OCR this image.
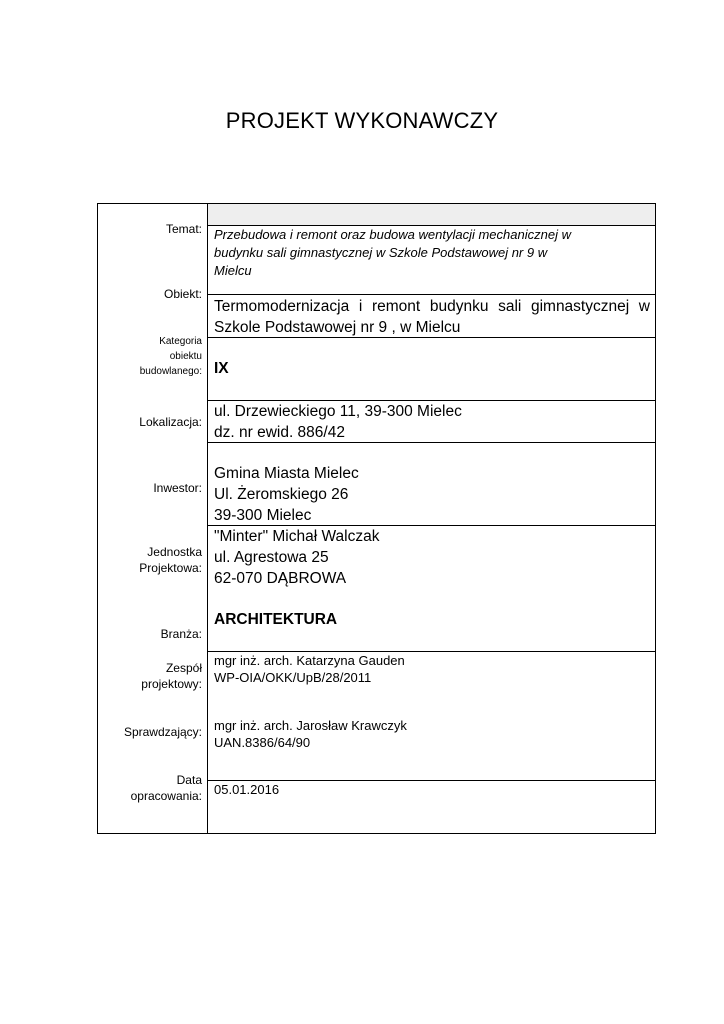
PROJEKT WYKONAWCZY
Temat:
Obiekt:
Kategoria
obiektu
budowlanego:
Lokalizacja:
Inwestor:
Jednostka
Projektowa:
Branża:
Zespół
projektowy:
Sprawdzający:
Data
opracowania:
Przebudowa i remont oraz budowa wentylacji mechanicznej w
budynku sali gimnastycznej w Szkole Podstawowej nr 9 w
Mielcu
Termomodernizacja i remont budynku sali gimnastycznej w Szkole Podstawowej nr 9 , w Mielcu
IX
ul. Drzewieckiego 11, 39-300 Mielec
dz. nr ewid. 886/42
Gmina Miasta Mielec
Ul. Żeromskiego 26
39-300 Mielec
"Minter" Michał Walczak
ul. Agrestowa 25
62-070 DĄBROWA
ARCHITEKTURA
mgr inż. arch. Katarzyna Gauden
WP-OIA/OKK/UpB/28/2011
mgr inż. arch. Jarosław Krawczyk
UAN.8386/64/90
05.01.2016
